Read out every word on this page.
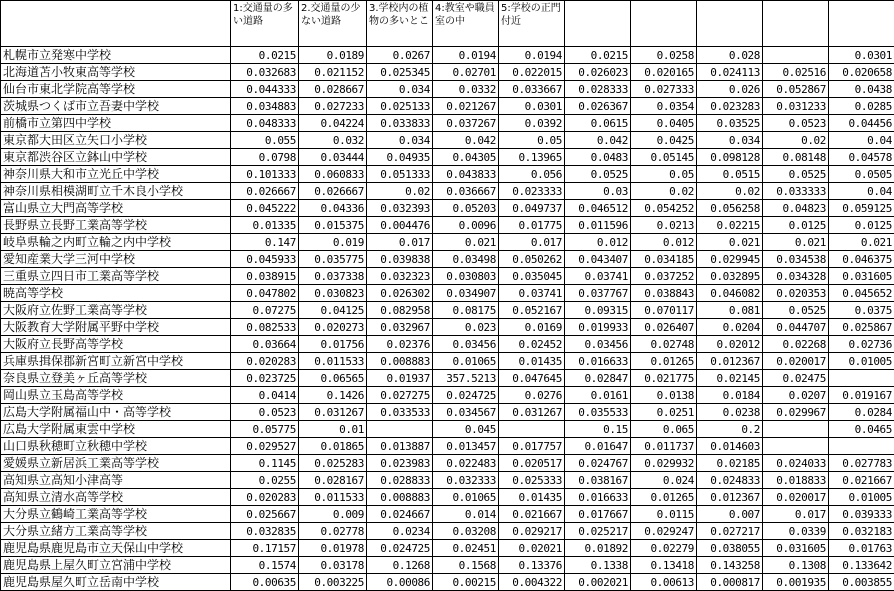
	1:交通量の多い道路	2.交通量の少ない道路	3.学校内の植物の多いとこ	4:教室や職員室の中	5:学校の正門付近					
札幌市立発寒中学校	0.0215	0.0189	0.0267	0.0194	0.0194	0.0215	0.0258	0.028		0.0301
北海道苫小牧東高等学校	0.032683	0.021152	0.025345	0.02701	0.022015	0.026023	0.020165	0.024113	0.02516	0.020658
仙台市東北学院高等学校	0.044333	0.028667	0.034	0.0332	0.033667	0.028333	0.027333	0.026	0.052867	0.0438
茨城県つくば市立吾妻中学校	0.034883	0.027233	0.025133	0.021267	0.0301	0.026367	0.0354	0.023283	0.031233	0.0285
前橋市立第四中学校	0.048333	0.04224	0.033833	0.037267	0.0392	0.0615	0.0405	0.03525	0.0523	0.04456
東京都大田区立矢口小学校	0.055	0.032	0.034	0.042	0.05	0.042	0.0425	0.034	0.02	0.04
東京都渋谷区立鉢山中学校	0.0798	0.03444	0.04935	0.04305	0.13965	0.0483	0.05145	0.098128	0.08148	0.04578
神奈川県大和市立光丘中学校	0.101333	0.060833	0.051333	0.043833	0.056	0.0525	0.05	0.0515	0.0525	0.0505
神奈川県相模湖町立千木良小学校	0.026667	0.026667	0.02	0.036667	0.023333	0.03	0.02	0.02	0.033333	0.04
富山県立大門高等学校	0.045222	0.04336	0.032393	0.05203	0.049737	0.046512	0.054252	0.056258	0.04823	0.059125
長野県立長野工業高等学校	0.01335	0.015375	0.004476	0.0096	0.01775	0.011596	0.0213	0.02215	0.0125	0.0125
岐阜県輪之内町立輪之内中学校	0.147	0.019	0.017	0.021	0.017	0.012	0.012	0.021	0.021	0.021
愛知産業大学三河中学校	0.045933	0.035775	0.039838	0.03498	0.050262	0.043407	0.034185	0.029945	0.034538	0.046375
三重県立四日市工業高等学校	0.038915	0.037338	0.032323	0.030803	0.035045	0.03741	0.037252	0.032895	0.034328	0.031605
暁高等学校	0.047802	0.030823	0.026302	0.034907	0.03741	0.037767	0.038843	0.046082	0.020353	0.045652
大阪府立佐野工業高等学校	0.07275	0.04125	0.082958	0.08175	0.052167	0.09315	0.070117	0.081	0.0525	0.0375
大阪教育大学附属平野中学校	0.082533	0.020273	0.032967	0.023	0.0169	0.019933	0.026407	0.0204	0.044707	0.025867
大阪府立長野高等学校	0.03664	0.01756	0.02376	0.03456	0.02452	0.03456	0.02748	0.02012	0.02268	0.02736
兵庫県揖保郡新宮町立新宮中学校	0.020283	0.011533	0.008883	0.01065	0.01435	0.016633	0.01265	0.012367	0.020017	0.01005
奈良県立登美ヶ丘高等学校	0.023725	0.06565	0.01937	357.5213	0.047645	0.02847	0.021775	0.02145	0.02475	
岡山県立玉島高等学校	0.0414	0.1426	0.027275	0.024725	0.0276	0.0161	0.0138	0.0184	0.0207	0.019167
広島大学附属福山中・高等学校	0.0523	0.031267	0.033533	0.034567	0.031267	0.035533	0.0251	0.0238	0.029967	0.0284
広島大学附属東雲中学校	0.05775	0.01		0.045		0.15	0.065	0.2		0.0465
山口県秋穂町立秋穂中学校	0.029527	0.01865	0.013887	0.013457	0.017757	0.01647	0.011737	0.014603		
愛媛県立新居浜工業高等学校	0.1145	0.025283	0.023983	0.022483	0.020517	0.024767	0.029932	0.02185	0.024033	0.027783
高知県立高知小津高等	0.0255	0.028167	0.028833	0.032333	0.025333	0.038167	0.024	0.024833	0.018833	0.021667
高知県立清水高等学校	0.020283	0.011533	0.008883	0.01065	0.01435	0.016633	0.01265	0.012367	0.020017	0.01005
大分県立鶴崎工業高等学校	0.025667	0.009	0.024667	0.014	0.021667	0.017667	0.0115	0.007	0.017	0.039333
大分県立緒方工業高等学校	0.032835	0.02778	0.0234	0.03208	0.029217	0.025217	0.029247	0.027217	0.0339	0.032183
鹿児島県鹿児島市立天保山中学校	0.17157	0.01978	0.024725	0.02451	0.02021	0.01892	0.02279	0.038055	0.031605	0.01763
鹿児島県上屋久町立宮浦中学校	0.1574	0.03178	0.1268	0.1568	0.13376	0.1338	0.13418	0.143258	0.1308	0.133642
鹿児島県屋久町立岳南中学校	0.00635	0.003225	0.00086	0.00215	0.004322	0.002021	0.00613	0.000817	0.001935	0.003855
